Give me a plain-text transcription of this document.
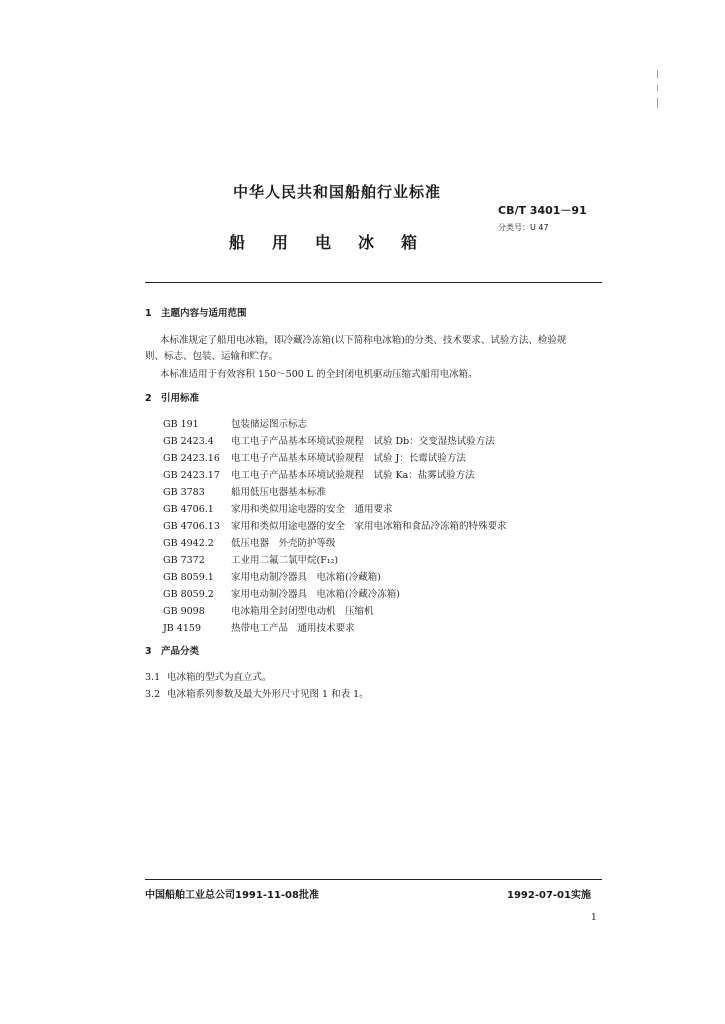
中华人民共和国船舶行业标准
CB/T 3401－91
分类号：U 47
船用电冰箱
1 主题内容与适用范围
本标准规定了船用电冰箱，即冷藏冷冻箱(以下简称电冰箱)的分类、技术要求、试验方法、检验规
则、标志、包装、运输和贮存。
本标准适用于有效容积 150～500 L 的全封闭电机驱动压缩式船用电冰箱。
2 引用标准
GB 191	包装储运图示标志
GB 2423.4 电工电子产品基本环境试验规程　试验 Db：交变湿热试验方法
GB 2423.16 电工电子产品基本环境试验规程　试验 J：长霉试验方法
GB 2423.17 电工电子产品基本环境试验规程　试验 Ka：盐雾试验方法
GB 3783	船用低压电器基本标准
GB 4706.1 家用和类似用途电器的安全　通用要求
GB 4706.13 家用和类似用途电器的安全　家用电冰箱和食品冷冻箱的特殊要求
GB 4942.2 低压电器　外壳防护等级
GB 7372	工业用二氟二氯甲烷(F₁₂)
GB 8059.1 家用电动制冷器具　电冰箱(冷藏箱)
GB 8059.2 家用电动制冷器具　电冰箱(冷藏冷冻箱)
GB 9098	电冰箱用全封闭型电动机　压缩机
JB 4159	热带电工产品　通用技术要求
3 产品分类
3.1 电冰箱的型式为直立式。
3.2 电冰箱系列参数及最大外形尺寸见图 1 和表 1。
中国船舶工业总公司1991-11-08批准	1992-07-01实施
1
